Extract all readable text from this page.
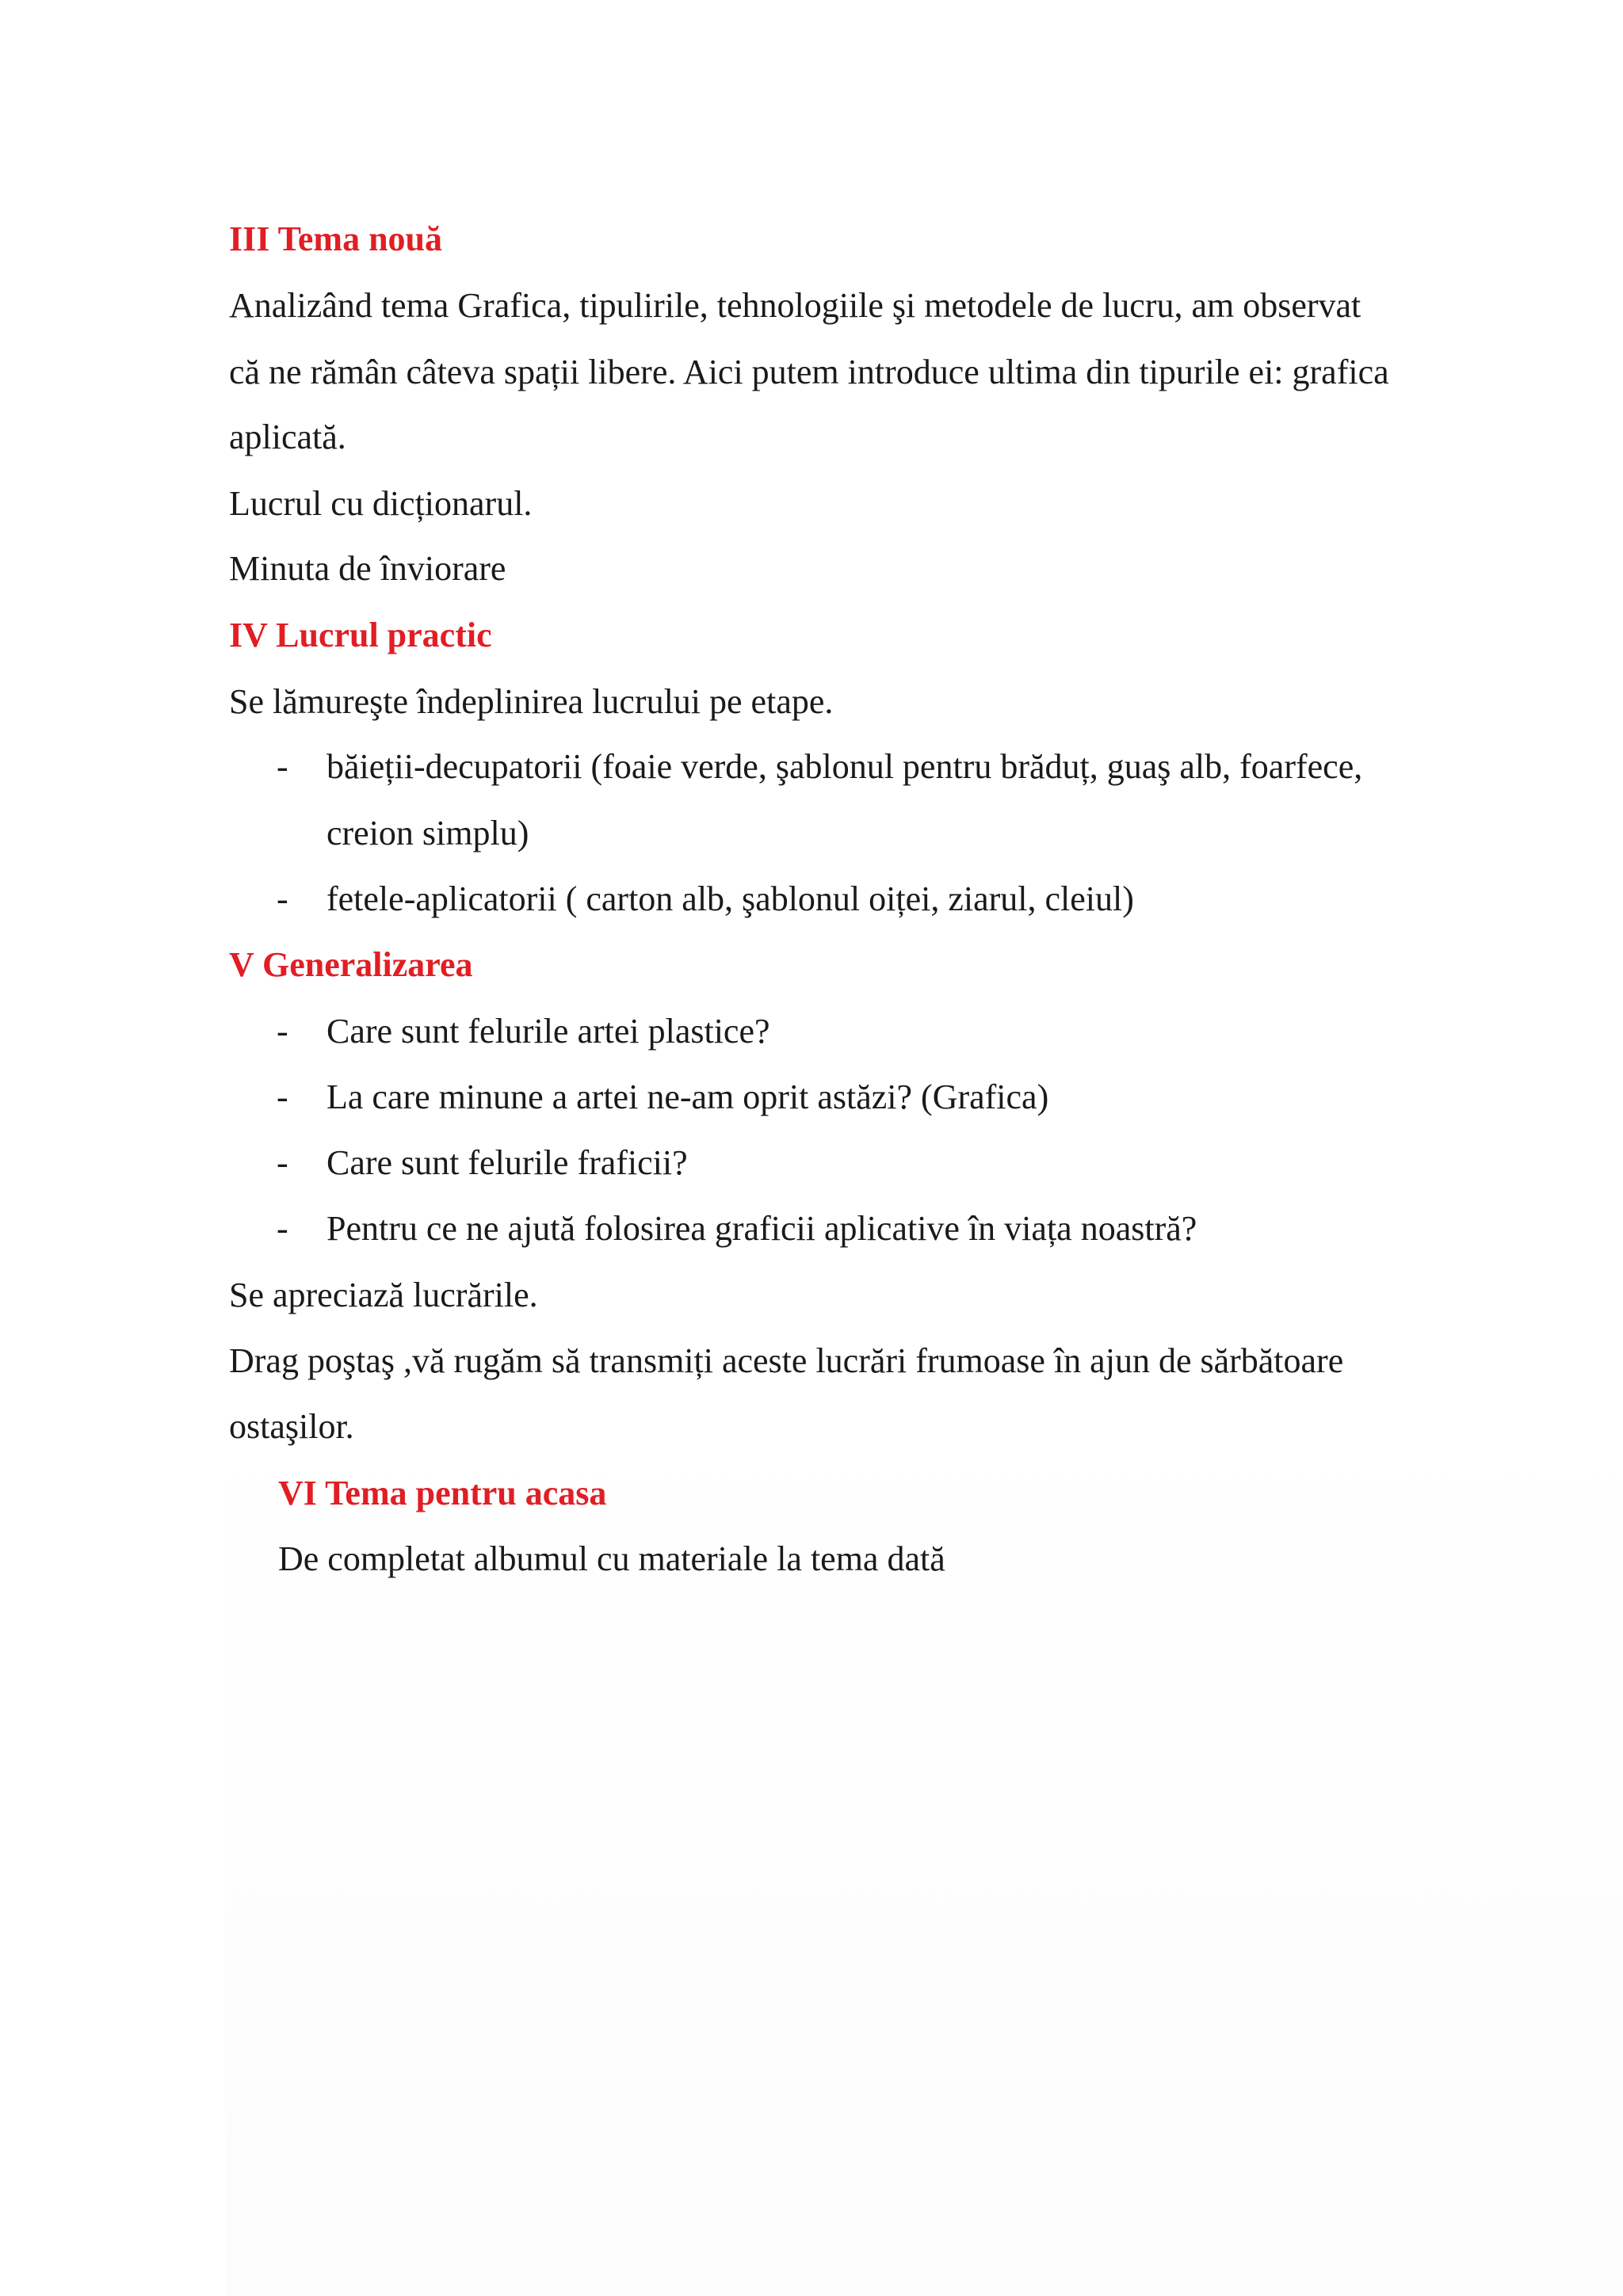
III Tema nouă
Analizând tema Grafica, tipulirile, tehnologiile şi metodele de lucru, am observat
că ne rămân câteva spații libere. Aici putem introduce ultima din tipurile ei: grafica
aplicată.
Lucrul cu dicționarul.
Minuta de înviorare
IV Lucrul practic
Se lămureşte îndeplinirea lucrului pe etape.
- băieții-decupatorii (foaie verde, şablonul pentru brăduț, guaş alb, foarfece,
creion simplu)
- fetele-aplicatorii ( carton alb, şablonul oiței, ziarul, cleiul)
V Generalizarea
- Care sunt felurile artei plastice?
- La care minune a artei ne-am oprit astăzi? (Grafica)
- Care sunt felurile fraficii?
- Pentru ce ne ajută folosirea graficii aplicative în viața noastră?
Se apreciază lucrările.
Drag poştaş ,vă rugăm să transmiți aceste lucrări frumoase în ajun de sărbătoare
ostaşilor.
VI Tema pentru acasa
De completat albumul cu materiale la tema dată
